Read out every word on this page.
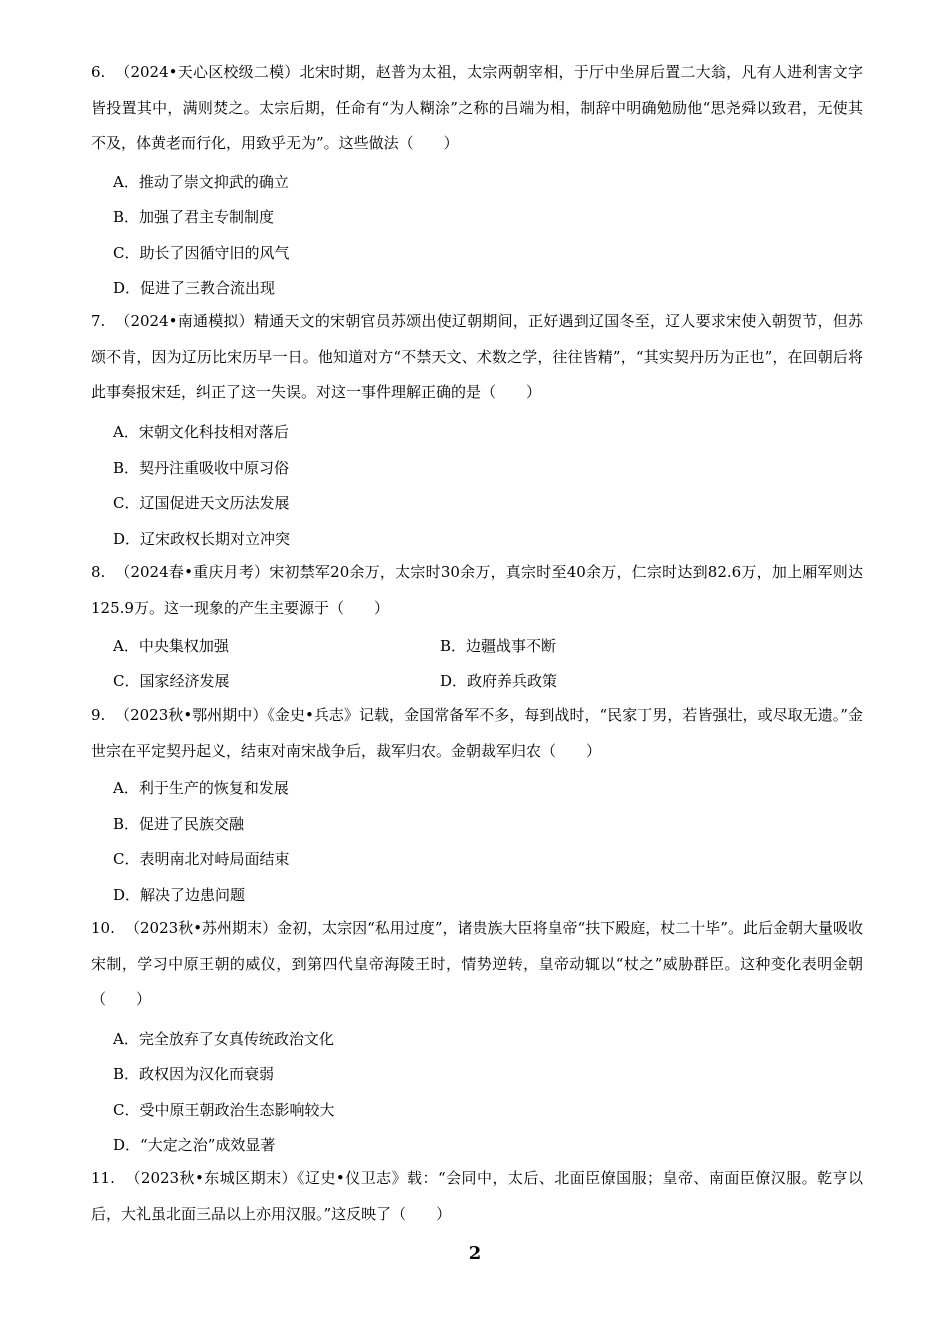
6. （2024•天心区校级二模）北宋时期，赵普为太祖，太宗两朝宰相，于厅中坐屏后置二大翁，凡有人进利害文字皆投置其中，满则焚之。太宗后期，任命有“为人糊涂”之称的吕端为相，制辞中明确勉励他“思尧舜以致君，无使其不及，体黄老而行化，用致乎无为”。这些做法（　　）

A．推动了崇文抑武的确立
B．加强了君主专制制度
C．助长了因循守旧的风气
D．促进了三教合流出现

7. （2024•南通模拟）精通天文的宋朝官员苏颂出使辽朝期间，正好遇到辽国冬至，辽人要求宋使入朝贺节，但苏颂不肯，因为辽历比宋历早一日。他知道对方“不禁天文、术数之学，往往皆精”，“其实契丹历为正也”，在回朝后将此事奏报宋廷，纠正了这一失误。对这一事件理解正确的是（　　）

A．宋朝文化科技相对落后
B．契丹注重吸收中原习俗
C．辽国促进天文历法发展
D．辽宋政权长期对立冲突

8. （2024春•重庆月考）宋初禁军20余万，太宗时30余万，真宗时至40余万，仁宗时达到82.6万，加上厢军则达125.9万。这一现象的产生主要源于（　　）

A．中央集权加强	B．边疆战事不断
C．国家经济发展	D．政府养兵政策

9. （2023秋•鄂州期中）《金史•兵志》记载，金国常备军不多，每到战时，“民家丁男，若皆强壮，或尽取无遗。”金世宗在平定契丹起义，结束对南宋战争后，裁军归农。金朝裁军归农（　　）

A．利于生产的恢复和发展
B．促进了民族交融
C．表明南北对峙局面结束
D．解决了边患问题

10. （2023秋•苏州期末）金初，太宗因“私用过度”，诸贵族大臣将皇帝“扶下殿庭，杖二十毕”。此后金朝大量吸收宋制，学习中原王朝的威仪，到第四代皇帝海陵王时，情势逆转，皇帝动辄以“杖之”威胁群臣。这种变化表明金朝（　　）

A．完全放弃了女真传统政治文化
B．政权因为汉化而衰弱
C．受中原王朝政治生态影响较大
D．“大定之治”成效显著

11. （2023秋•东城区期末）《辽史•仪卫志》载：“会同中，太后、北面臣僚国服；皇帝、南面臣僚汉服。乾亨以后，大礼虽北面三品以上亦用汉服。”这反映了（　　）

2
